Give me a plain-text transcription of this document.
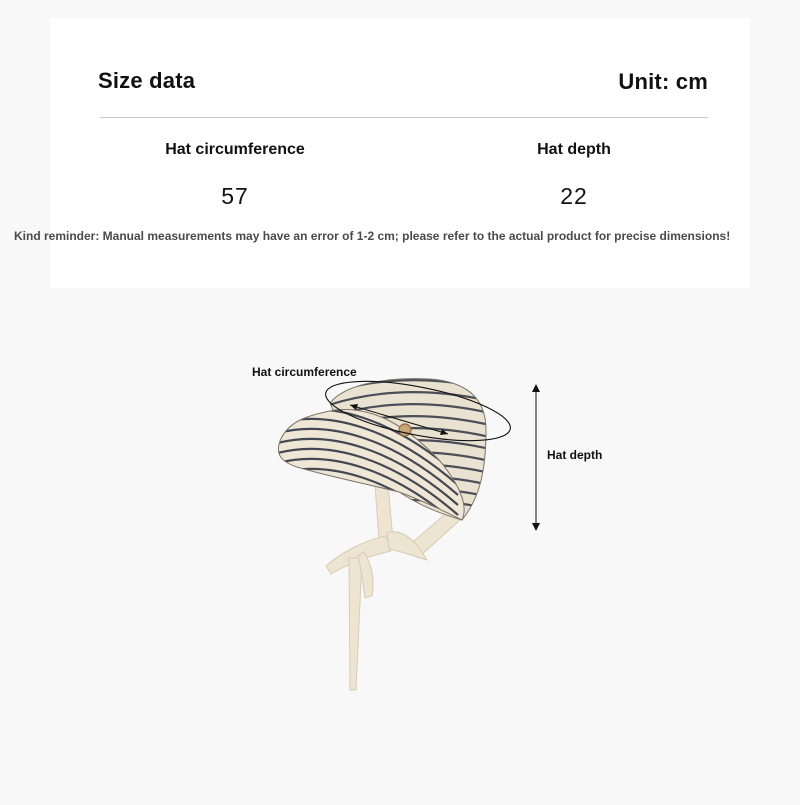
Size data	Unit: cm
Hat circumference	Hat depth
57	22
Kind reminder: Manual measurements may have an error of 1-2 cm; please refer to the actual product for precise dimensions!
Hat circumference
Hat depth
